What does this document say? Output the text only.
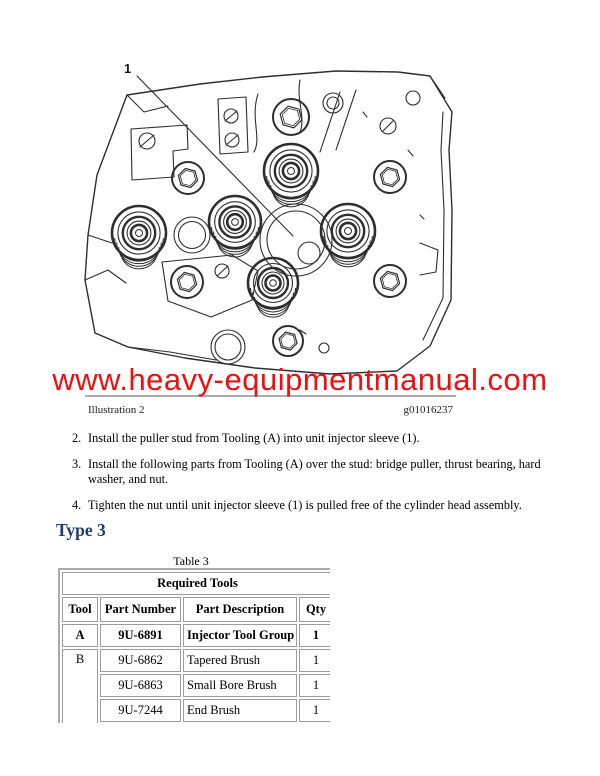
1
www.heavy-equipmentmanual.com
Illustration 2	g01016237
2. Install the puller stud from Tooling (A) into unit injector sleeve (1).
3. Install the following parts from Tooling (A) over the stud: bridge puller, thrust bearing, hard
washer, and nut.
4. Tighten the nut until unit injector sleeve (1) is pulled free of the cylinder head assembly.
Type 3
Table 3
Required Tools			
Tool	Part Number	Part Description	Qty
A	9U-6891	Injector Tool Group	1
B	9U-6862	Tapered Brush	1
	9U-6863	Small Bore Brush	1
	9U-7244	End Brush	1
